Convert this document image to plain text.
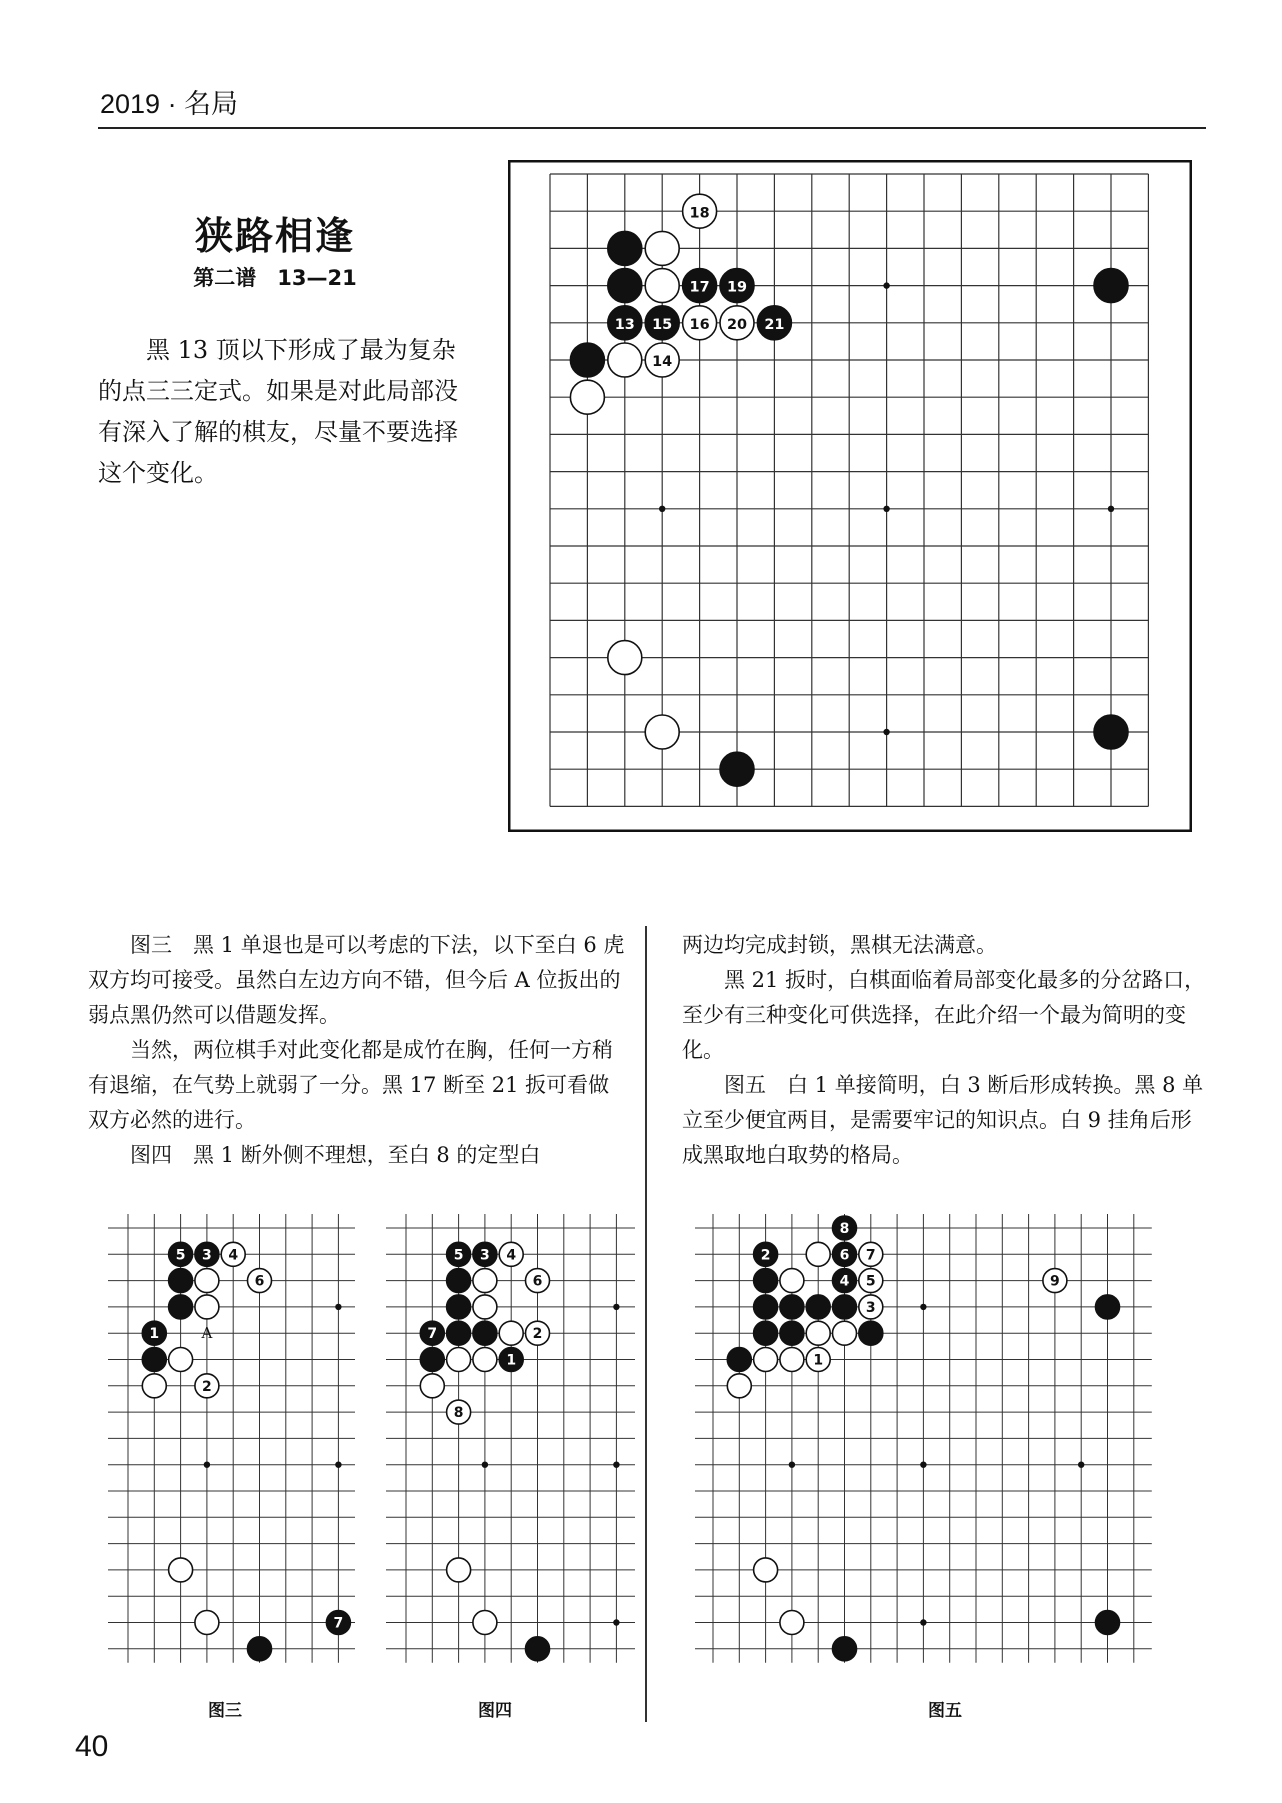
2019 · 名局
狭路相逢
第二谱　13—21

黑 13 顶以下形成了最为复杂的点三三定式。如果是对此局部没有深入了解的棋友，尽量不要选择这个变化。

18
17 19
13 15 16 20 21
14

图三　黑 1 单退也是可以考虑的下法，以下至白 6 虎双方均可接受。虽然白左边方向不错，但今后 A 位扳出的弱点黑仍然可以借题发挥。

当然，两位棋手对此变化都是成竹在胸，任何一方稍有退缩，在气势上就弱了一分。黑 17 断至 21 扳可看做双方必然的进行。

图四　黑 1 断外侧不理想，至白 8 的定型白

两边均完成封锁，黑棋无法满意。

黑 21 扳时，白棋面临着局部变化最多的分岔路口，至少有三种变化可供选择，在此介绍一个最为简明的变化。

图五　白 1 单接简明，白 3 断后形成转换。黑 8 单立至少便宜两目，是需要牢记的知识点。白 9 挂角后形成黑取地白取势的格局。

5 3 4
6
1
2
7
A
图三
5 3 4
6
7	2
1
8
图四
8
2	6 7
4 5	9
3
1
图五
40
